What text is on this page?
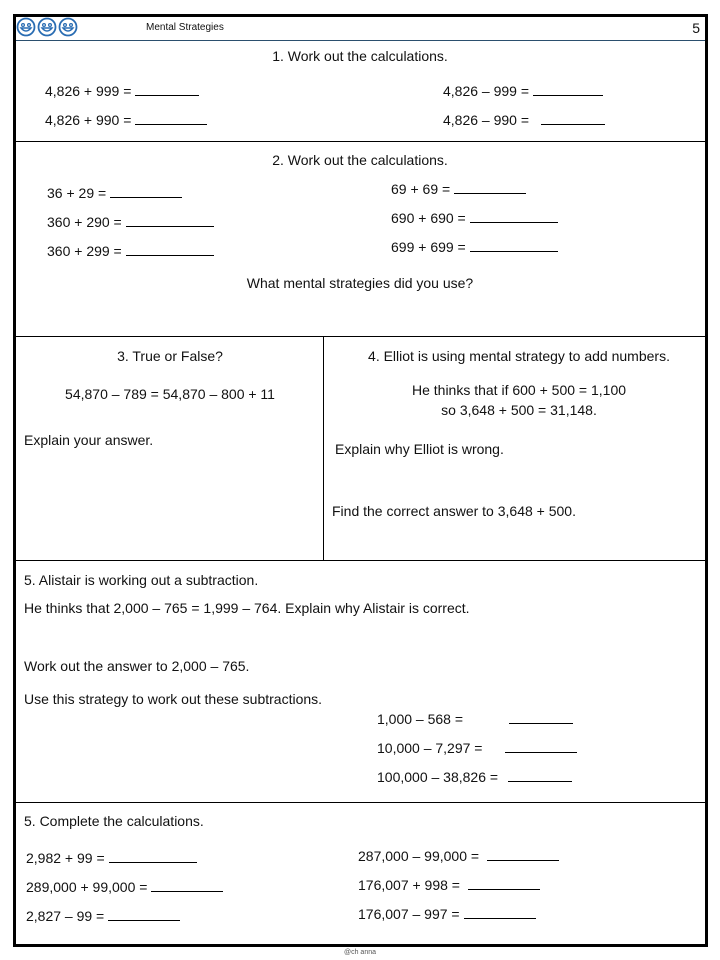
Mental Strategies	5
1. Work out the calculations.
4,826 + 999 =
4,826 + 990 =
4,826 – 999 =
4,826 – 990 =
2. Work out the calculations.
36 + 29 =
360 + 290 =
360 + 299 =
69 + 69 =
690 + 690 =
699 + 699 =
What mental strategies did you use?
3. True or False?
54,870 – 789 = 54,870 – 800 + 11
Explain your answer.
4. Elliot is using mental strategy to add numbers.
He thinks that if 600 + 500 = 1,100
so 3,648 + 500 = 31,148.
Explain why Elliot is wrong.
Find the correct answer to 3,648 + 500.
5. Alistair is working out a subtraction.
He thinks that 2,000 – 765 = 1,999 – 764. Explain why Alistair is correct.
Work out the answer to 2,000 – 765.
Use this strategy to work out these subtractions.
1,000 – 568 =
10,000 – 7,297 =
100,000 – 38,826 =
5. Complete the calculations.
2,982 + 99 =
289,000 + 99,000 =
2,827 – 99 =
287,000 – 99,000 =
176,007 + 998 =
176,007 – 997 =
@ch anna
